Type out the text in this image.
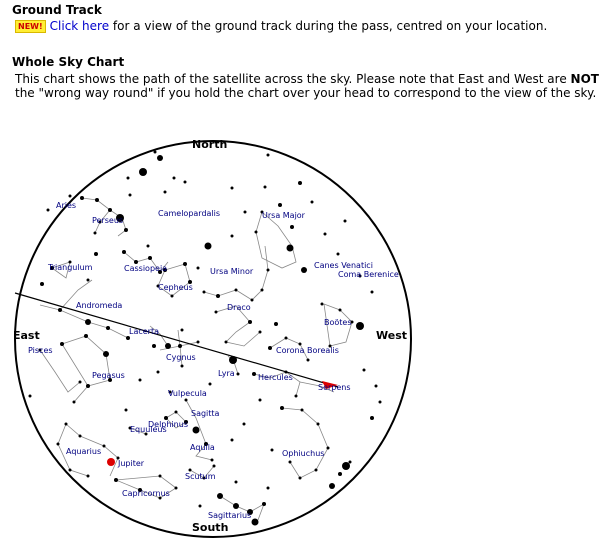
Ground Track
NEW! Click here for a view of the ground track during the pass, centred on your location.
Whole Sky Chart
This chart shows the path of the satellite across the sky. Please note that East and West are NOT the "wrong way round" if you hold the chart over your head to correspond to the view of the sky.
Aries
Perseus
Camelopardalis	Ursa Major
Triangulum	Cassiopeia	Ursa Minor
Canes Venatici
Coma Berenice
Cepheus
Andromeda	Draco
Boötes
Lacerta
Pisces
Cygnus
Corona Borealis
Lyra	Hercules
Serpens
Pegasus
Vulpecula
Sagitta
Delphinus
Equuleus
Aquila
Aquarius	Ophiuchus
Jupiter
Scutum
Capricornus
Sagittarius
North
South
East	West
